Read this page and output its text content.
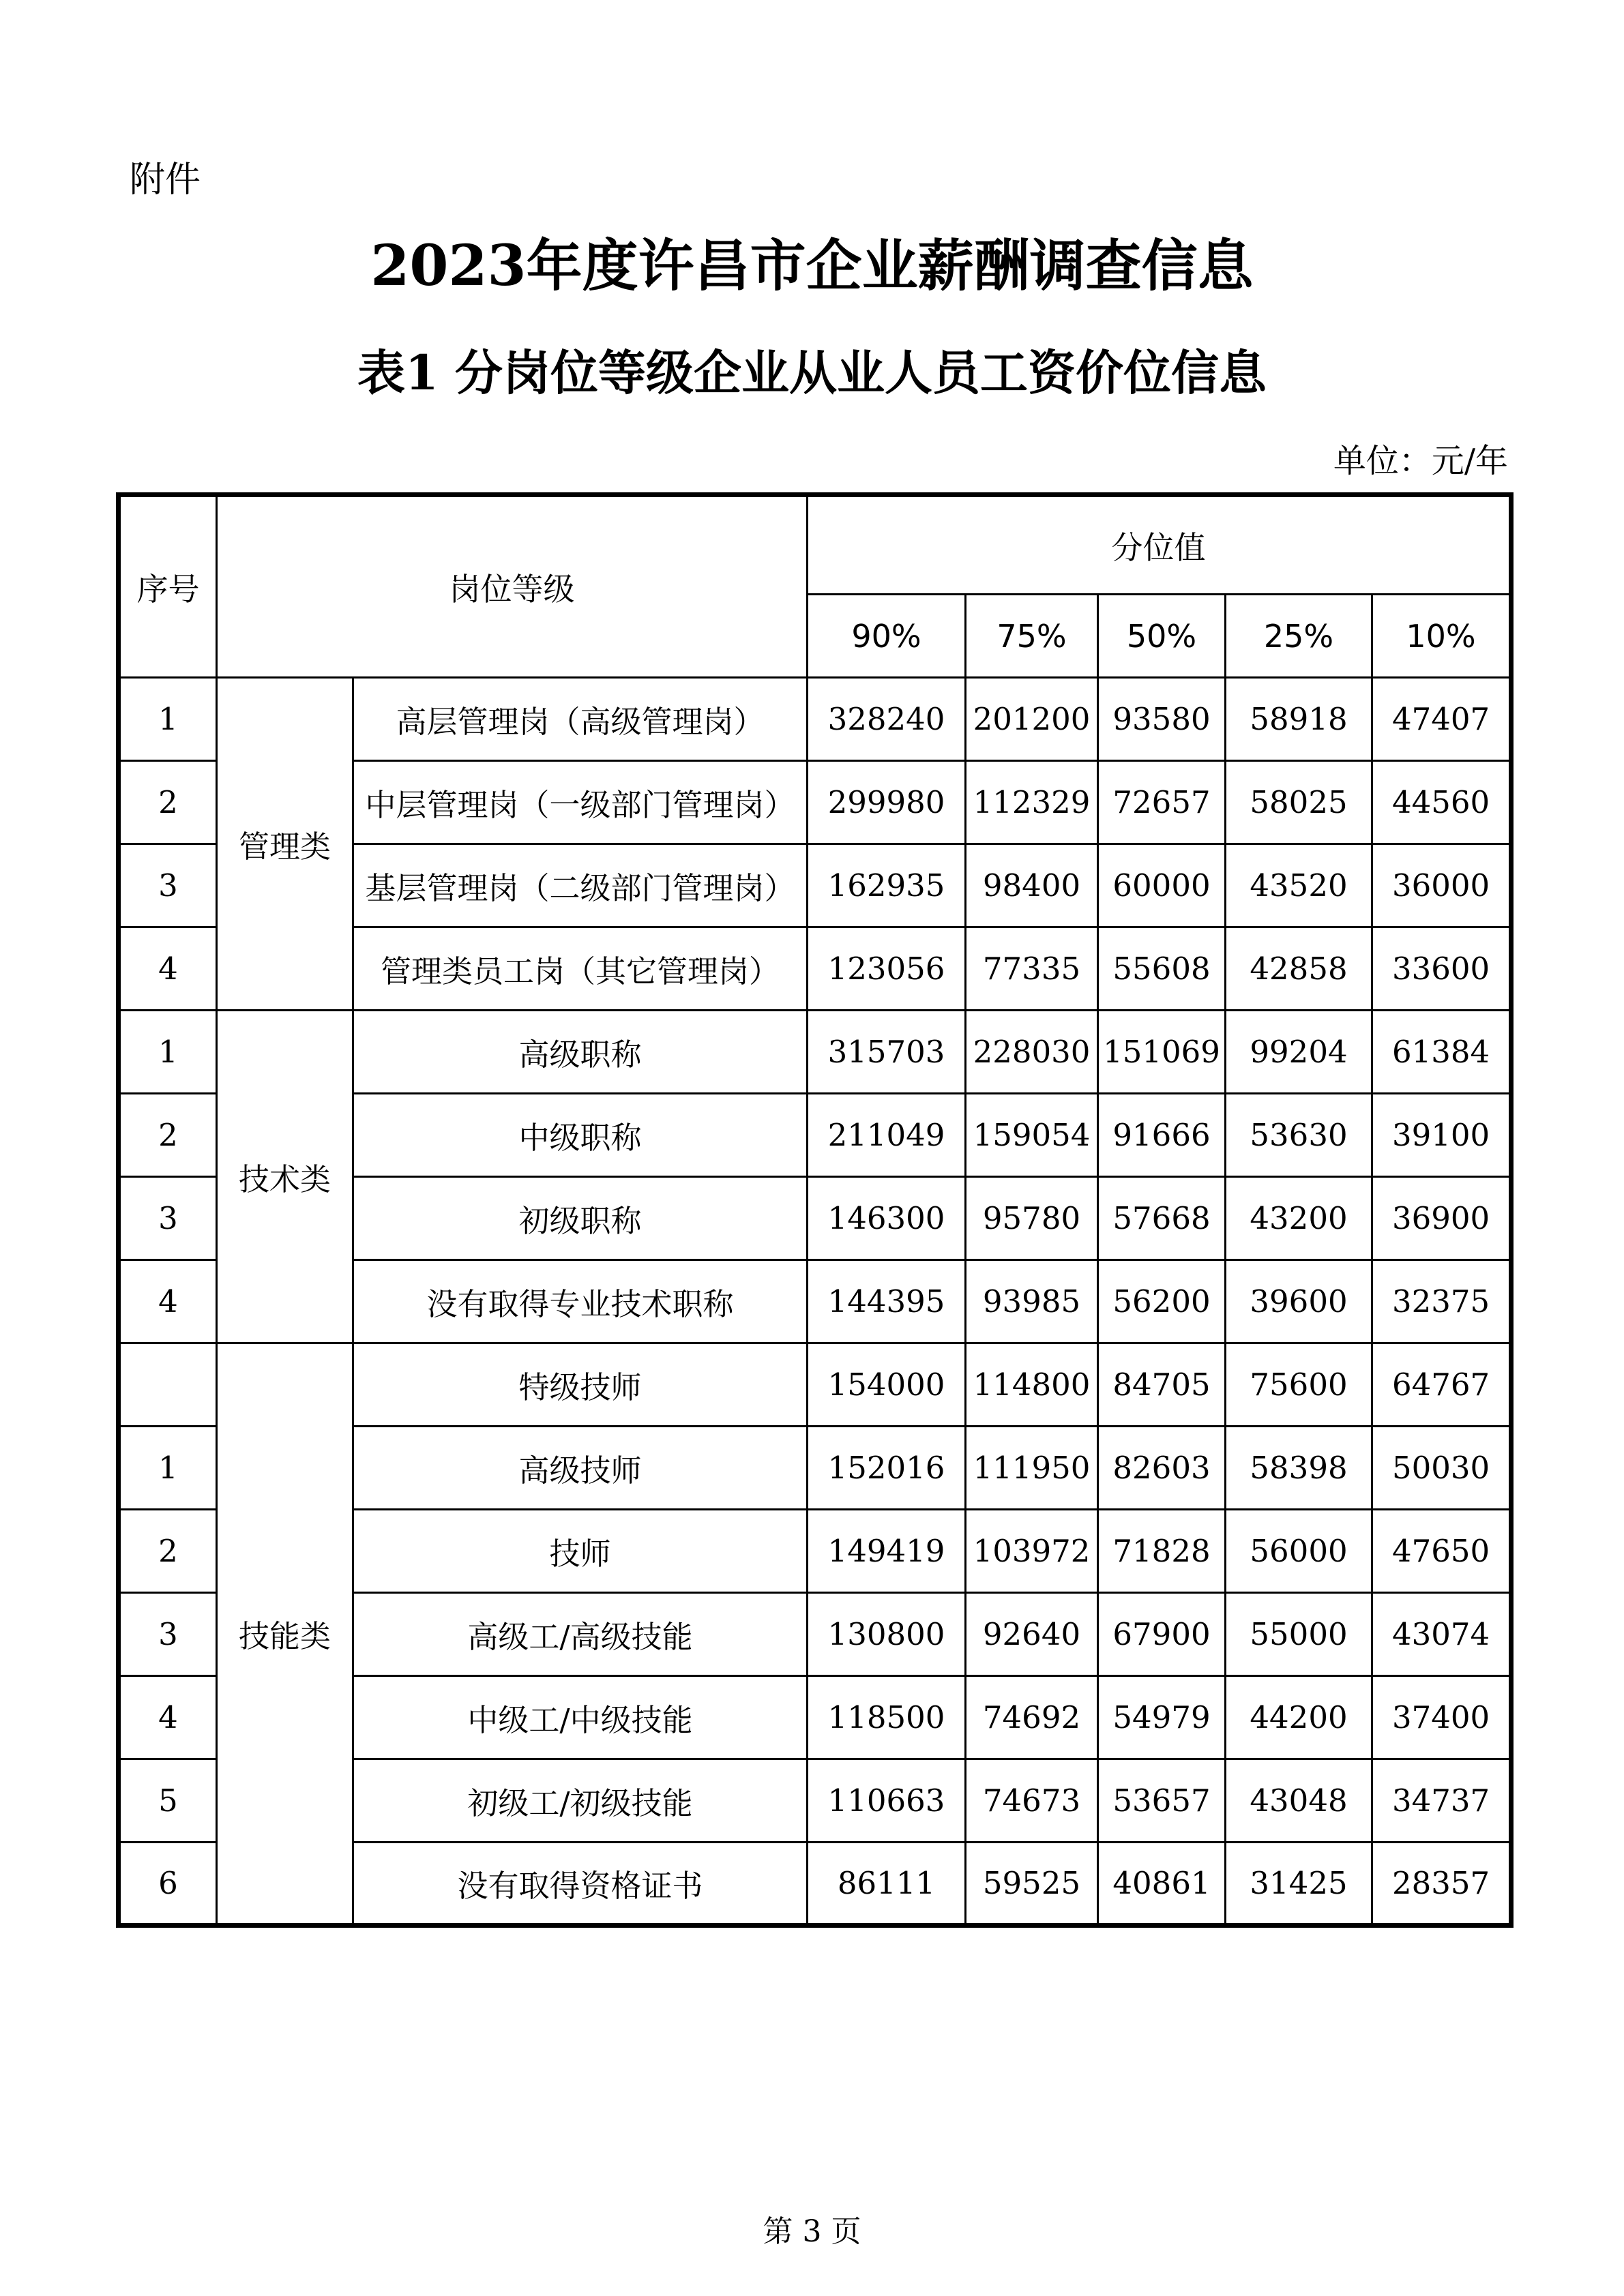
附件
2023年度许昌市企业薪酬调查信息
表1 分岗位等级企业从业人员工资价位信息
单位：元/年
序号	岗位等级		分位值				
			90%	75%	50%	25%	10%
1	管理类	高层管理岗（高级管理岗）	328240	201200	93580	58918	47407
2		中层管理岗（一级部门管理岗）	299980	112329	72657	58025	44560
3		基层管理岗（二级部门管理岗）	162935	98400	60000	43520	36000
4		管理类员工岗（其它管理岗）	123056	77335	55608	42858	33600
1	技术类	高级职称	315703	228030	151069	99204	61384
2		中级职称	211049	159054	91666	53630	39100
3		初级职称	146300	95780	57668	43200	36900
4		没有取得专业技术职称	144395	93985	56200	39600	32375
	技能类	特级技师	154000	114800	84705	75600	64767
1		高级技师	152016	111950	82603	58398	50030
2		技师	149419	103972	71828	56000	47650
3		高级工/高级技能	130800	92640	67900	55000	43074
4		中级工/中级技能	118500	74692	54979	44200	37400
5		初级工/初级技能	110663	74673	53657	43048	34737
6		没有取得资格证书	86111	59525	40861	31425	28357
第 3 页
